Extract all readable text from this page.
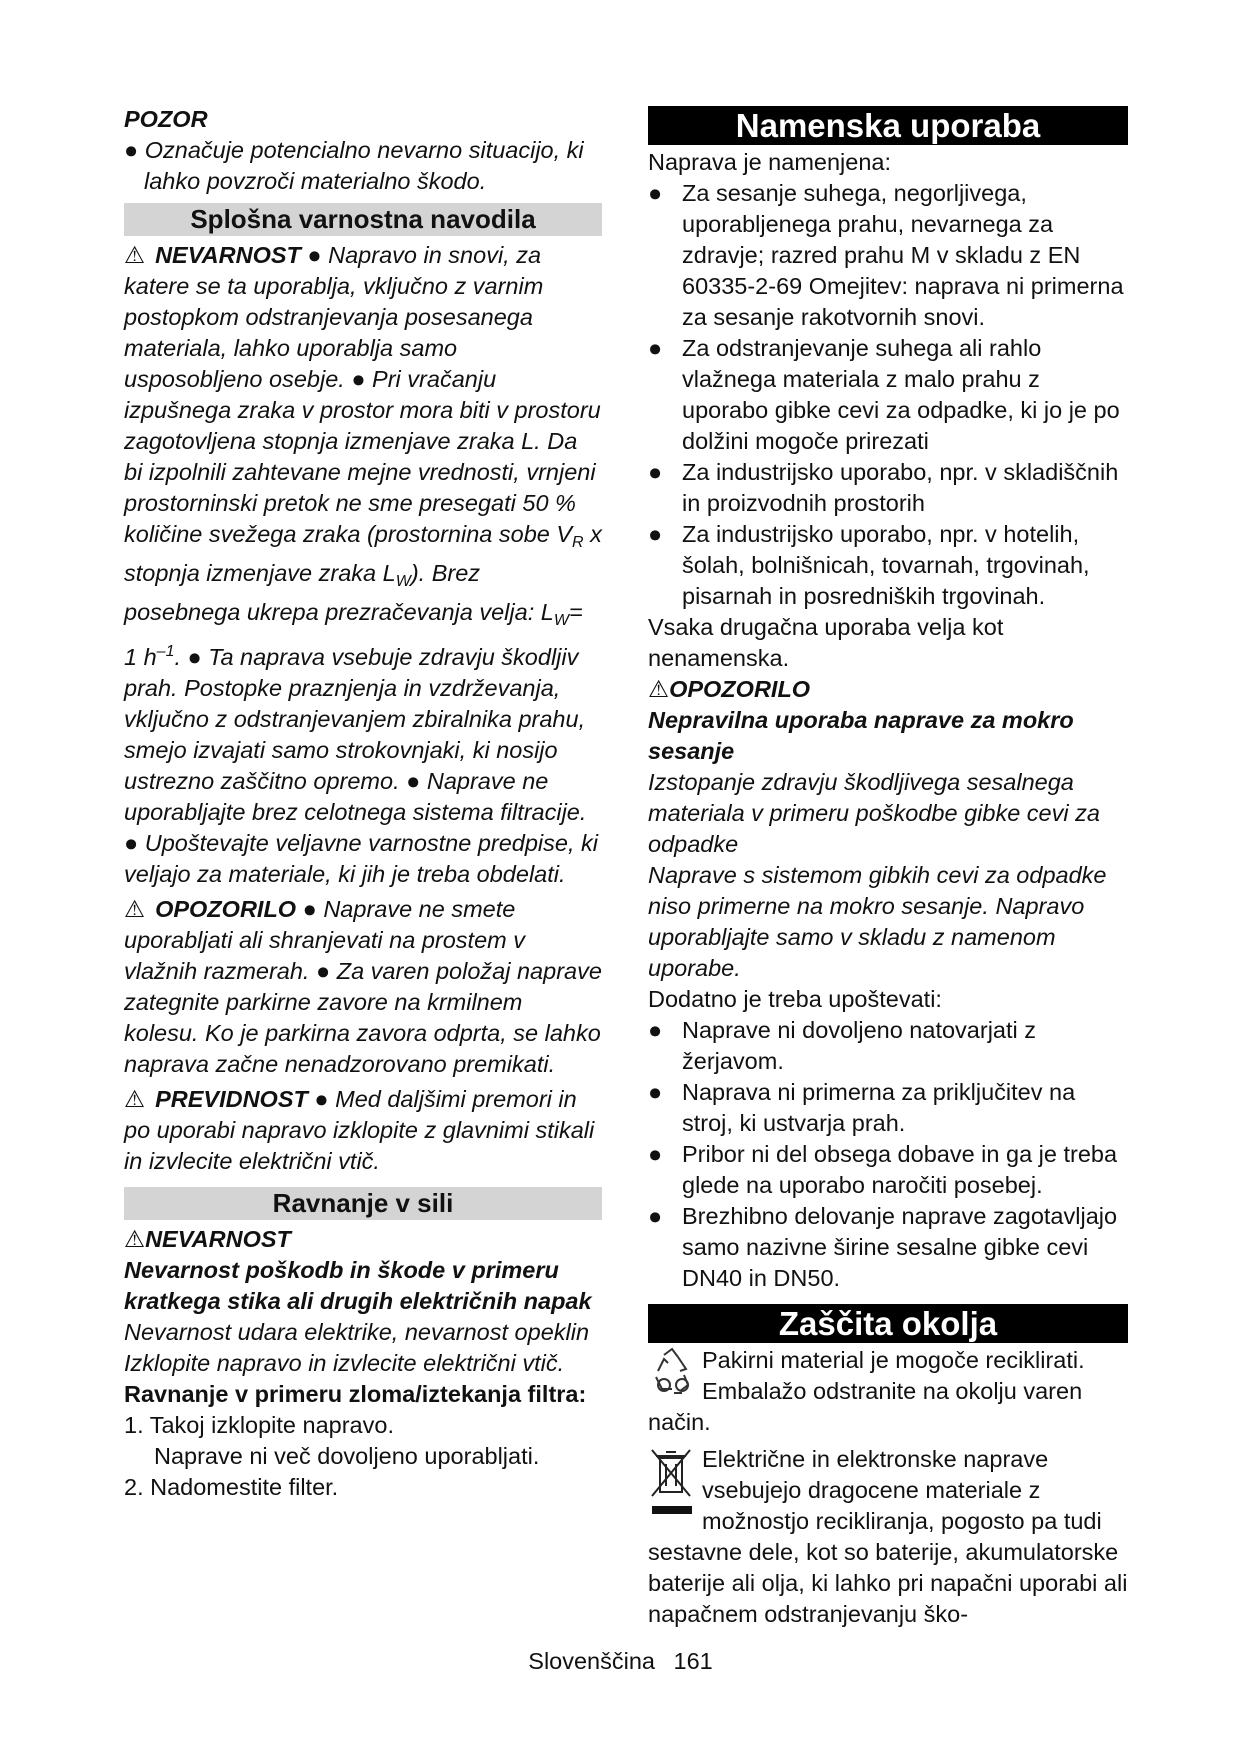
POZOR

● Označuje potencialno nevarno situacijo, ki lahko povzroči materialno škodo.

Splošna varnostna navodila

⚠ NEVARNOST ● Napravo in snovi, za katere se ta uporablja, vključno z varnim postopkom odstranjevanja posesanega materiala, lahko uporablja samo usposobljeno osebje. ● Pri vračanju izpušnega zraka v prostor mora biti v prostoru zagotovljena stopnja izmenjave zraka L. Da bi izpolnili zahtevane mejne vrednosti, vrnjeni prostorninski pretok ne sme presegati 50 % količine svežega zraka (prostornina sobe $V_R$ x stopnja izmenjave zraka $L_W$). Brez posebnega ukrepa prezračevanja velja: $L_W= 1$ $h^{-1}$. ● Ta naprava vsebuje zdravju škodljiv prah. Postopke praznjenja in vzdrževanja, vključno z odstranjevanjem zbiralnika prahu, smejo izvajati samo strokovnjaki, ki nosijo ustrezno zaščitno opremo. ● Naprave ne uporabljajte brez celotnega sistema filtracije. ● Upoštevajte veljavne varnostne predpise, ki veljajo za materiale, ki jih je treba obdelati.

⚠ OPOZORILO ● Naprave ne smete uporabljati ali shranjevati na prostem v vlažnih razmerah. ● Za varen položaj naprave zategnite parkirne zavore na krmilnem kolesu. Ko je parkirna zavora odprta, se lahko naprava začne nenadzorovano premikati.

⚠ PREVIDNOST ● Med daljšimi premori in po uporabi napravo izklopite z glavnimi stikali in izvlecite električni vtič.

Ravnanje v sili

⚠NEVARNOST

Nevarnost poškodb in škode v primeru kratkega stika ali drugih električnih napak

Nevarnost udara elektrike, nevarnost opeklin

Izklopite napravo in izvlecite električni vtič.

Ravnanje v primeru zloma/iztekanja filtra:

1. Takoj izklopite napravo.

Naprave ni več dovoljeno uporabljati.

2. Nadomestite filter.

Namenska uporaba

Naprava je namenjena:

● Za sesanje suhega, negorljivega, uporabljenega prahu, nevarnega za zdravje; razred prahu M v skladu z EN 60335-2-69 Omejitev: naprava ni primerna za sesanje rakotvornih snovi.
● Za odstranjevanje suhega ali rahlo vlažnega materiala z malo prahu z uporabo gibke cevi za odpadke, ki jo je po dolžini mogoče prirezati
● Za industrijsko uporabo, npr. v skladiščnih in proizvodnih prostorih
● Za industrijsko uporabo, npr. v hotelih, šolah, bolnišnicah, tovarnah, trgovinah, pisarnah in posredniških trgovinah.

Vsaka drugačna uporaba velja kot nenamenska.

⚠OPOZORILO

Nepravilna uporaba naprave za mokro sesanje

Izstopanje zdravju škodljivega sesalnega materiala v primeru poškodbe gibke cevi za odpadke

Naprave s sistemom gibkih cevi za odpadke niso primerne na mokro sesanje. Napravo uporabljajte samo v skladu z namenom uporabe.

Dodatno je treba upoštevati:

● Naprave ni dovoljeno natovarjati z žerjavom.
● Naprava ni primerna za priključitev na stroj, ki ustvarja prah.
● Pribor ni del obsega dobave in ga je treba glede na uporabo naročiti posebej.
● Brezhibno delovanje naprave zagotavljajo samo nazivne širine sesalne gibke cevi DN40 in DN50.
Zaščita okolja
Pakirni material je mogoče reciklirati. Embalažo odstranite na okolju varen način.
Električne in elektronske naprave vsebujejo dragocene materiale z možnostjo recikliranja, pogosto pa tudi sestavne dele, kot so baterije, akumulatorske baterije ali olja, ki lahko pri napačni uporabi ali napačnem odstranjevanju ško-
Slovenščina 161
